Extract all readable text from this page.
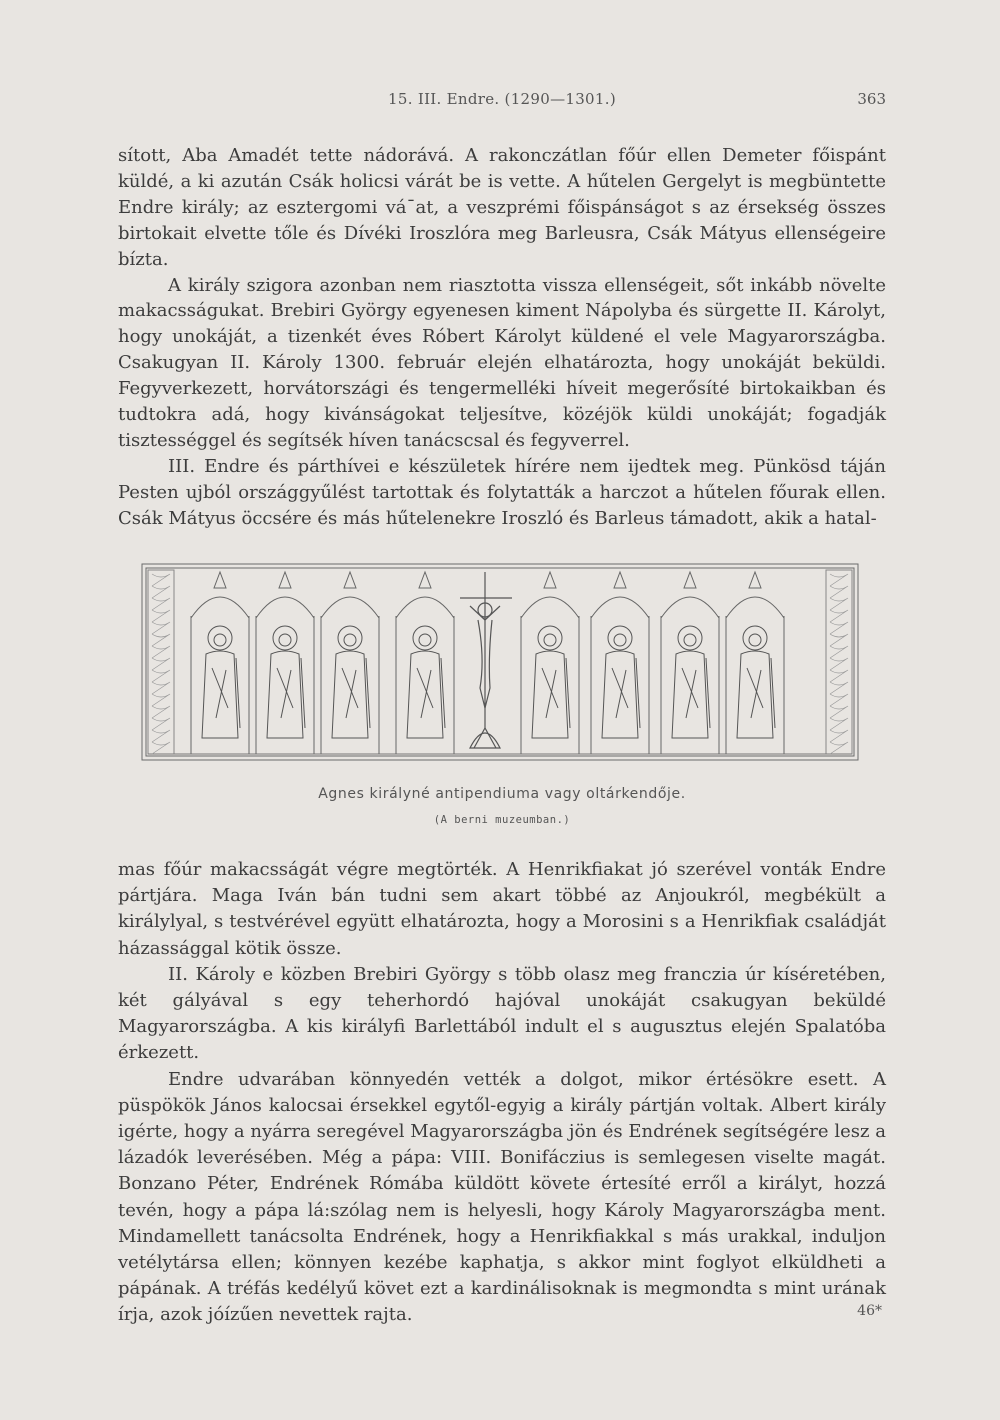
15. III. Endre. (1290—1301.)	363

sított, Aba Amadét tette nádorává. A rakonczátlan főúr ellen Demeter főispánt küldé, a ki azután Csák holicsi várát be is vette. A hűtelen Gergelyt is megbüntette Endre király; az esztergomi vá¯at, a veszprémi főispánságot s az érsekség összes birtokait elvette tőle és Dívéki Iroszlóra meg Barleusra, Csák Mátyus ellenségeire bízta.

A király szigora azonban nem riasztotta vissza ellenségeit, sőt inkább növelte makacsságukat. Brebiri György egyenesen kiment Nápolyba és sürgette II. Károlyt, hogy unokáját, a tizenkét éves Róbert Károlyt küldené el vele Magyarországba. Csakugyan II. Károly 1300. február elején elhatározta, hogy unokáját beküldi. Fegyverkezett, horvátországi és tengermelléki híveit megerősíté birtokaikban és tudtokra adá, hogy kivánságokat teljesítve, közéjök küldi unokáját; fogadják tisztességgel és segítsék híven tanácscsal és fegyverrel.

III. Endre és párthívei e készületek hírére nem ijedtek meg. Pünkösd táján Pesten ujból országgyűlést tartottak és folytatták a harczot a hűtelen főurak ellen. Csák Mátyus öccsére és más hűtelenekre Iroszló és Barleus támadott, akik a hatal-

Agnes királyné antipendiuma vagy oltárkendője.
(A berni muzeumban.)

mas főúr makacsságát végre megtörték. A Henrikfiakat jó szerével vonták Endre pártjára. Maga Iván bán tudni sem akart többé az Anjoukról, megbékült a királylyal, s testvérével együtt elhatározta, hogy a Morosini s a Henrikfiak családját házassággal kötik össze.

II. Károly e közben Brebiri György s több olasz meg franczia úr kíséretében, két gályával s egy teherhordó hajóval unokáját csakugyan beküldé Magyarországba. A kis királyfi Barlettából indult el s augusztus elején Spalatóba érkezett.

Endre udvarában könnyedén vették a dolgot, mikor értésökre esett. A püspökök János kalocsai érsekkel egytől-egyig a király pártján voltak. Albert király igérte, hogy a nyárra seregével Magyarországba jön és Endrének segítségére lesz a lázadók leverésében. Még a pápa: VIII. Bonifáczius is semlegesen viselte magát. Bonzano Péter, Endrének Rómába küldött követe értesíté erről a királyt, hozzá tevén, hogy a pápa lá:szólag nem is helyesli, hogy Károly Magyarországba ment. Mindamellett tanácsolta Endrének, hogy a Henrikfiakkal s más urakkal, induljon vetélytársa ellen; könnyen kezébe kaphatja, s akkor mint foglyot elküldheti a pápának. A tréfás kedélyű követ ezt a kardinálisoknak is megmondta s mint urának írja, azok jóízűen nevettek rajta.	46*
